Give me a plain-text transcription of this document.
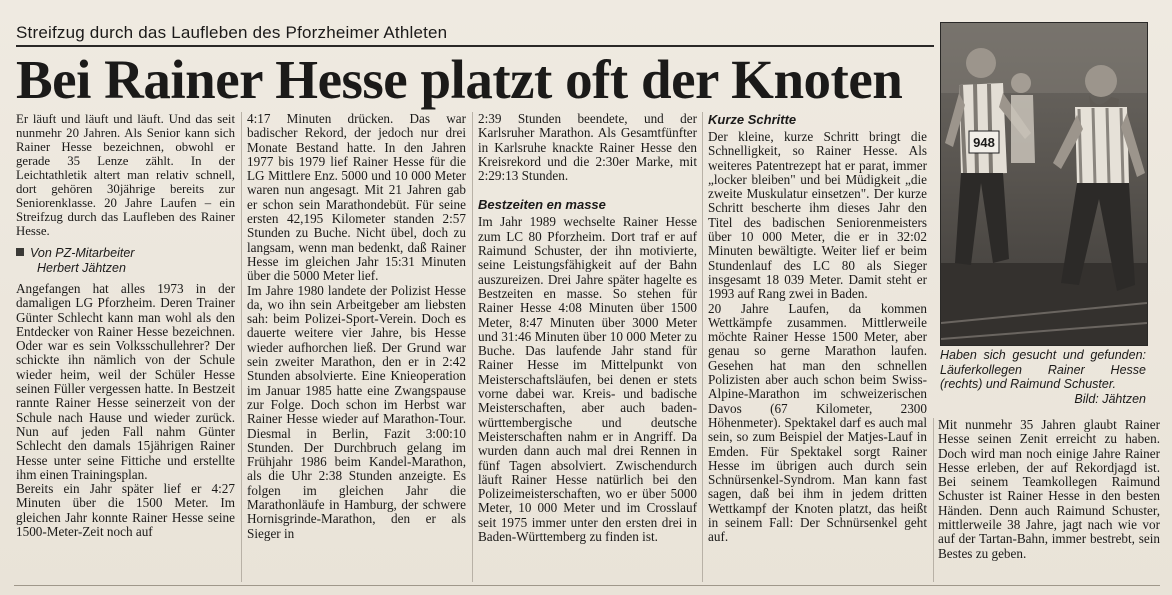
Streifzug durch das Laufleben des Pforzheimer Athleten
Bei Rainer Hesse platzt oft der Knoten

Er läuft und läuft und läuft. Und das seit nunmehr 20 Jahren. Als Senior kann sich Rainer Hesse bezeichnen, obwohl er gerade 35 Lenze zählt. In der Leichtathletik altert man relativ schnell, dort gehören 30jährige bereits zur Seniorenklasse. 20 Jahre Laufen – ein Streifzug durch das Laufleben des Rainer Hesse.

Von PZ-Mitarbeiter
Herbert Jähtzen

Angefangen hat alles 1973 in der damaligen LG Pforzheim. Deren Trainer Günter Schlecht kann man wohl als den Entdecker von Rainer Hesse bezeichnen. Oder war es sein Volksschullehrer? Der schickte ihn nämlich von der Schule wieder heim, weil der Schüler Hesse seinen Füller vergessen hatte. In Bestzeit rannte Rainer Hesse seinerzeit von der Schule nach Hause und wieder zurück. Nun auf jeden Fall nahm Günter Schlecht den damals 15jährigen Rainer Hesse unter seine Fittiche und erstellte ihm einen Trainingsplan.

Bereits ein Jahr später lief er 4:27 Minuten über die 1500 Meter. Im gleichen Jahr konnte Rainer Hesse seine 1500-Meter-Zeit noch auf

4:17 Minuten drücken. Das war badischer Rekord, der jedoch nur drei Monate Bestand hatte. In den Jahren 1977 bis 1979 lief Rainer Hesse für die LG Mittlere Enz. 5000 und 10 000 Meter waren nun angesagt. Mit 21 Jahren gab er schon sein Marathondebüt. Für seine ersten 42,195 Kilometer standen 2:57 Stunden zu Buche. Nicht übel, doch zu langsam, wenn man bedenkt, daß Rainer Hesse im gleichen Jahr 15:31 Minuten über die 5000 Meter lief.

Im Jahre 1980 landete der Polizist Hesse da, wo ihn sein Arbeitgeber am liebsten sah: beim Polizei-Sport-Verein. Doch es dauerte weitere vier Jahre, bis Hesse wieder aufhorchen ließ. Der Grund war sein zweiter Marathon, den er in 2:42 Stunden absolvierte. Eine Knieoperation im Januar 1985 hatte eine Zwangspause zur Folge. Doch schon im Herbst war Rainer Hesse wieder auf Marathon-Tour. Diesmal in Berlin, Fazit 3:00:10 Stunden. Der Durchbruch gelang im Frühjahr 1986 beim Kandel-Marathon, als die Uhr 2:38 Stunden anzeigte. Es folgen im gleichen Jahr die Marathonläufe in Hamburg, der schwere Hornisgrinde-Marathon, den er als Sieger in

2:39 Stunden beendete, und der Karlsruher Marathon. Als Gesamtfünfter in Karlsruhe knackte Rainer Hesse den Kreisrekord und die 2:30er Marke, mit 2:29:13 Stunden.

Bestzeiten en masse

Im Jahr 1989 wechselte Rainer Hesse zum LC 80 Pforzheim. Dort traf er auf Raimund Schuster, der ihn motivierte, seine Leistungsfähigkeit auf der Bahn auszureizen. Drei Jahre später hagelte es Bestzeiten en masse. So stehen für Rainer Hesse 4:08 Minuten über 1500 Meter, 8:47 Minuten über 3000 Meter und 31:46 Minuten über 10 000 Meter zu Buche. Das laufende Jahr stand für Rainer Hesse im Mittelpunkt von Meisterschaftsläufen, bei denen er stets vorne dabei war. Kreis- und badische Meisterschaften, aber auch baden-württembergische und deutsche Meisterschaften nahm er in Angriff. Da wurden dann auch mal drei Rennen in fünf Tagen absolviert. Zwischendurch läuft Rainer Hesse natürlich bei den Polizeimeisterschaften, wo er über 5000 Meter, 10 000 Meter und im Crosslauf seit 1975 immer unter den ersten drei in Baden-Württemberg zu finden ist.

Kurze Schritte

Der kleine, kurze Schritt bringt die Schnelligkeit, so Rainer Hesse. Als weiteres Patentrezept hat er parat, immer „locker bleiben" und bei Müdigkeit „die zweite Muskulatur einsetzen". Der kurze Schritt bescherte ihm dieses Jahr den Titel des badischen Seniorenmeisters über 10 000 Meter, die er in 32:02 Minuten bewältigte. Weiter lief er beim Stundenlauf des LC 80 als Sieger insgesamt 18 039 Meter. Damit steht er 1993 auf Rang zwei in Baden.

20 Jahre Laufen, da kommen Wettkämpfe zusammen. Mittlerweile möchte Rainer Hesse 1500 Meter, aber genau so gerne Marathon laufen. Gesehen hat man den schnellen Polizisten aber auch schon beim Swiss-Alpine-Marathon im schweizerischen Davos (67 Kilometer, 2300 Höhenmeter). Spektakel darf es auch mal sein, so zum Beispiel der Matjes-Lauf in Emden. Für Spektakel sorgt Rainer Hesse im übrigen auch durch sein Schnürsenkel-Syndrom. Man kann fast sagen, daß bei ihm in jedem dritten Wettkampf der Knoten platzt, das heißt in seinem Fall: Der Schnürsenkel geht auf.

948
Haben sich gesucht und gefunden: Läuferkollegen Rainer Hesse (rechts) und Raimund Schuster.
Bild: Jähtzen

Mit nunmehr 35 Jahren glaubt Rainer Hesse seinen Zenit erreicht zu haben. Doch wird man noch einige Jahre Rainer Hesse erleben, der auf Rekordjagd ist. Bei seinem Teamkollegen Raimund Schuster ist Rainer Hesse in den besten Händen. Denn auch Raimund Schuster, mittlerweile 38 Jahre, jagt nach wie vor auf der Tartan-Bahn, immer bestrebt, sein Bestes zu geben.
